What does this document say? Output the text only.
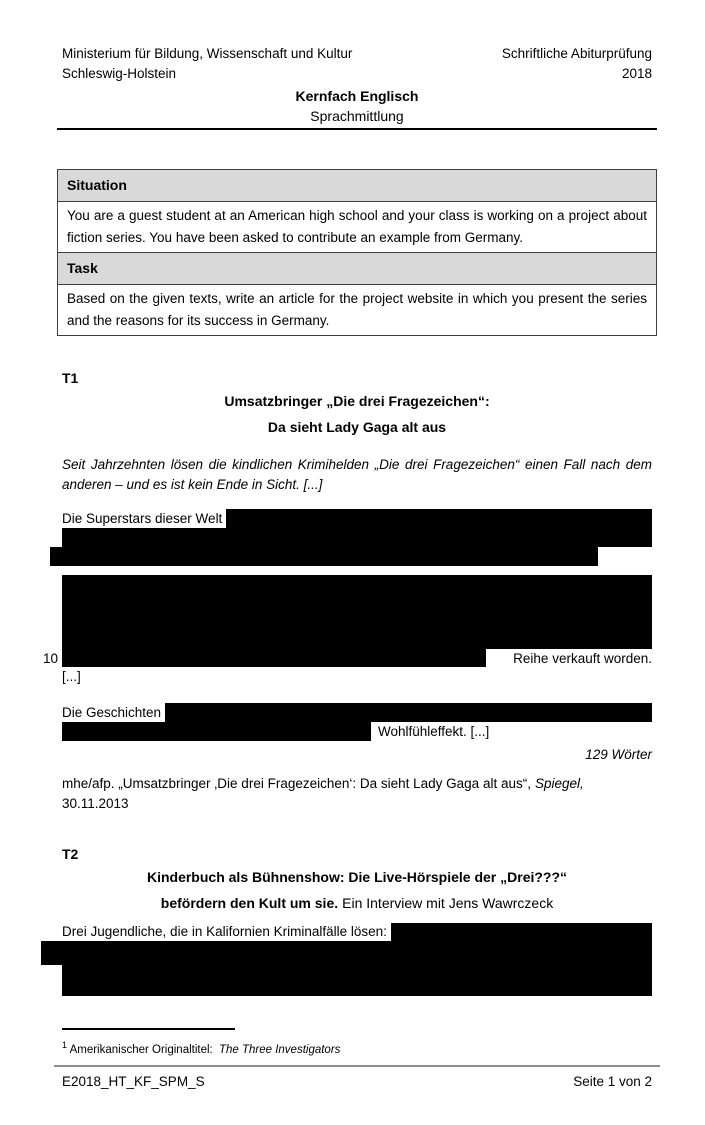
Ministerium für Bildung, Wissenschaft und Kultur
Schleswig-Holstein
Schriftliche Abiturprüfung
2018
Kernfach Englisch
Sprachmittlung
Situation
You are a guest student at an American high school and your class is working on a project about fiction series. You have been asked to contribute an example from Germany.
Task
Based on the given texts, write an article for the project website in which you present the series and the reasons for its success in Germany.
T1
Umsatzbringer „Die drei Fragezeichen“:
Da sieht Lady Gaga alt aus
Seit Jahrzehnten lösen die kindlichen Krimihelden „Die drei Fragezeichen“ einen Fall nach dem anderen – und es ist kein Ende in Sicht. [...]
Die Superstars dieser Welt
10	Reihe verkauft worden.
[...]
Die Geschichten
Wohlfühleffekt. [...]
129 Wörter
mhe/afp. „Umsatzbringer ‚Die drei Fragezeichen‘: Da sieht Lady Gaga alt aus“, Spiegel,
30.11.2013
T2
Kinderbuch als Bühnenshow: Die Live-Hörspiele der „Drei???“
befördern den Kult um sie. Ein Interview mit Jens Wawrczeck
Drei Jugendliche, die in Kalifornien Kriminalfälle lösen:
$^1$ Amerikanischer Originaltitel: The Three Investigators
E2018_HT_KF_SPM_S	Seite 1 von 2
